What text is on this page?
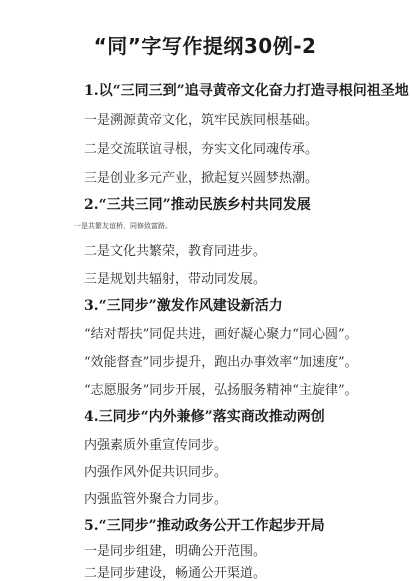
“同”字写作提纲30例-2
1.以“三同三到”追寻黄帝文化奋力打造寻根问祖圣地
一是溯源黄帝文化，筑牢民族同根基础。
二是交流联谊寻根，夯实文化同魂传承。
三是创业多元产业，掀起复兴圆梦热潮。
2.“三共三同”推动民族乡村共同发展
一是共繁友谊桥，同修致富路。
二是文化共繁荣，教育同进步。
三是规划共辐射，带动同发展。
3.“三同步”激发作风建设新活力
“结对帮扶”同促共进，画好凝心聚力“同心圆”。
“效能督查”同步提升，跑出办事效率“加速度”。
“志愿服务”同步开展，弘扬服务精神“主旋律”。
4.三同步“内外兼修”落实商改推动两创
内强素质外重宣传同步。
内强作风外促共识同步。
内强监管外聚合力同步。
5.“三同步”推动政务公开工作起步开局
一是同步组建，明确公开范围。
二是同步建设，畅通公开渠道。
